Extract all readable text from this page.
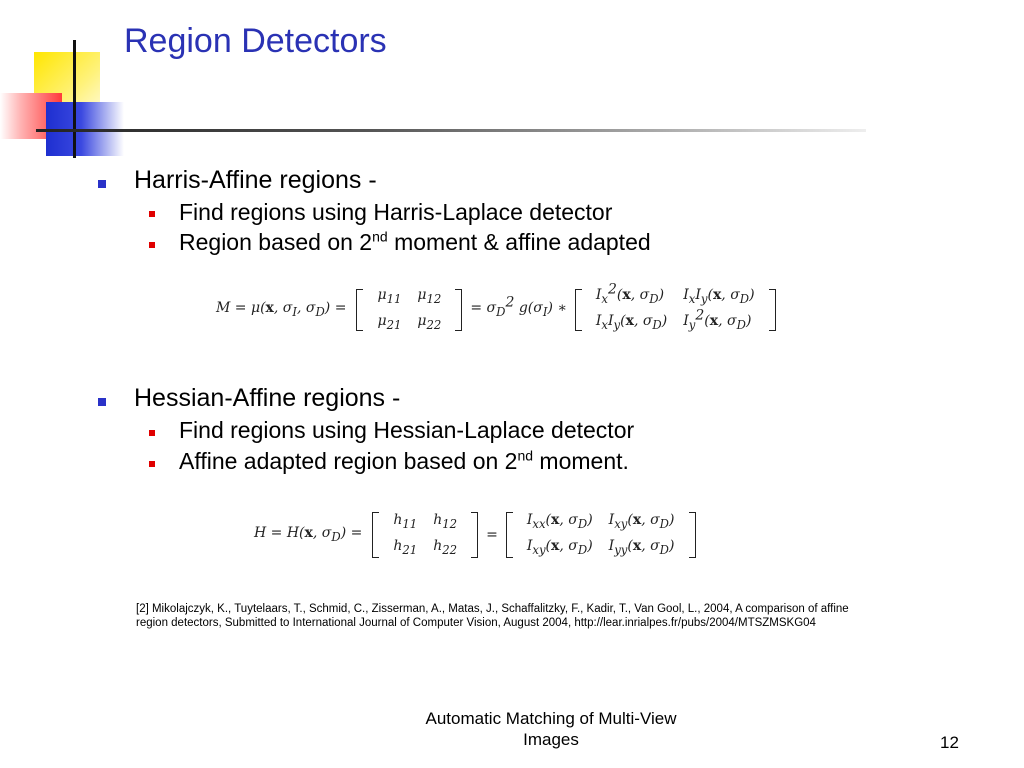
Region Detectors
Harris-Affine regions -
Find regions using Harris-Laplace detector
Region based on 2nd moment & affine adapted
M = μ(x, $\sigma_I$, $\sigma_D$) =
$\mu_{11}$	$\mu_{12}$
$\mu_{21}$	$\mu_{22}$
= $\sigma_D^2$ $g(\sigma_I)$ ∗
$I_x^2(x$, $\sigma_D$)	$I_xI_y(x$, $\sigma_D$)
$I_xI_y(x$, $\sigma_D$)	$I_y^2(x$, $\sigma_D$)
Hessian-Affine regions -
Find regions using Hessian-Laplace detector
Affine adapted region based on 2nd moment.
H = H(x, $\sigma_D$) =
$h_{11}$	$h_{12}$
$h_{21}$	$h_{22}$
=
$I_{xx}(x$, $\sigma_D$)	$I_{xy}(x$, $\sigma_D$)
$I_{xy}(x$, $\sigma_D$)	$I_{yy}(x$, $\sigma_D$)
[2] Mikolajczyk, K., Tuytelaars, T., Schmid, C., Zisserman, A., Matas, J., Schaffalitzky, F., Kadir, T., Van Gool, L., 2004, A comparison of affine
region detectors, Submitted to International Journal of Computer Vision, August 2004, http://lear.inrialpes.fr/pubs/2004/MTSZMSKG04
Automatic Matching of Multi-View
Images	12
